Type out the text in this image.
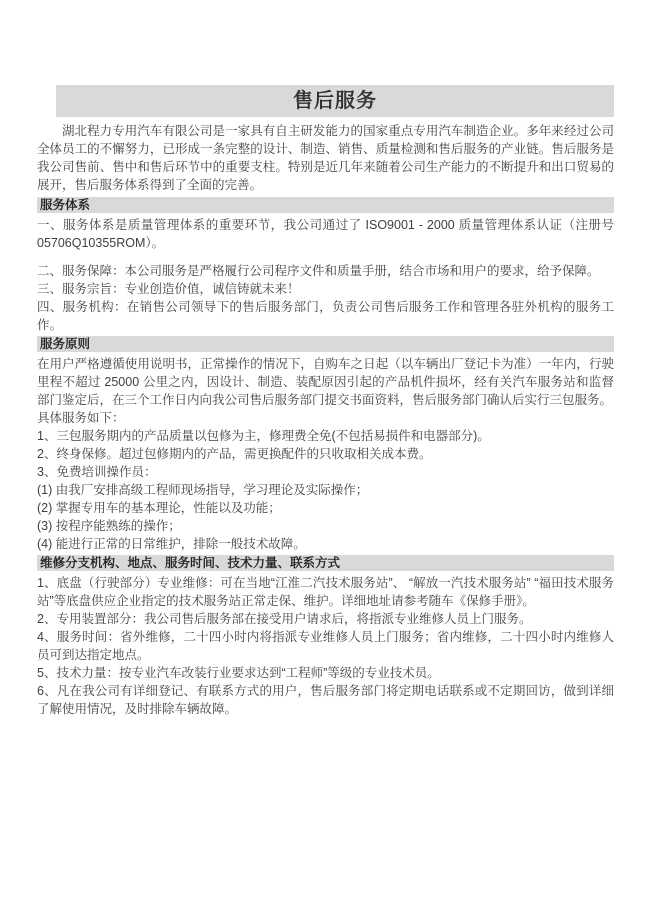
售后服务

湖北程力专用汽车有限公司是一家具有自主研发能力的国家重点专用汽车制造企业。多年来经过公司全体员工的不懈努力，已形成一条完整的设计、制造、销售、质量检测和售后服务的产业链。售后服务是我公司售前、售中和售后环节中的重要支柱。特别是近几年来随着公司生产能力的不断提升和出口贸易的展开，售后服务体系得到了全面的完善。

服务体系

一、服务体系是质量管理体系的重要环节，我公司通过了 ISO9001 - 2000 质量管理体系认证（注册号 05706Q10355ROM）。

二、服务保障：本公司服务是严格履行公司程序文件和质量手册，结合市场和用户的要求，给予保障。

三、服务宗旨：专业创造价值，诚信铸就未来！

四、服务机构：在销售公司领导下的售后服务部门，负责公司售后服务工作和管理各驻外机构的服务工作。

服务原则

在用户严格遵循使用说明书，正常操作的情况下，自购车之日起（以车辆出厂登记卡为准）一年内，行驶里程不超过 25000 公里之内，因设计、制造、装配原因引起的产品机件损坏，经有关汽车服务站和监督部门鉴定后，在三个工作日内向我公司售后服务部门提交书面资料，售后服务部门确认后实行三包服务。

具体服务如下：

1、三包服务期内的产品质量以包修为主，修理费全免(不包括易损件和电器部分)。

2、终身保修。超过包修期内的产品，需更换配件的只收取相关成本费。

3、免费培训操作员：

(1) 由我厂安排高级工程师现场指导，学习理论及实际操作；

(2) 掌握专用车的基本理论，性能以及功能；

(3) 按程序能熟练的操作；

(4) 能进行正常的日常维护，排除一般技术故障。

维修分支机构、地点、服务时间、技术力量、联系方式

1、底盘（行驶部分）专业维修：可在当地“江淮二汽技术服务站”、 “解放一汽技术服务站” “福田技术服务站”等底盘供应企业指定的技术服务站正常走保、维护。详细地址请参考随车《保修手册》。

2、专用装置部分：我公司售后服务部在接受用户请求后，将指派专业维修人员上门服务。

4、服务时间：省外维修，二十四小时内将指派专业维修人员上门服务；省内维修，二十四小时内维修人员可到达指定地点。

5、技术力量：按专业汽车改装行业要求达到“工程师”等级的专业技术员。

6、凡在我公司有详细登记、有联系方式的用户，售后服务部门将定期电话联系或不定期回访，做到详细了解使用情况，及时排除车辆故障。
